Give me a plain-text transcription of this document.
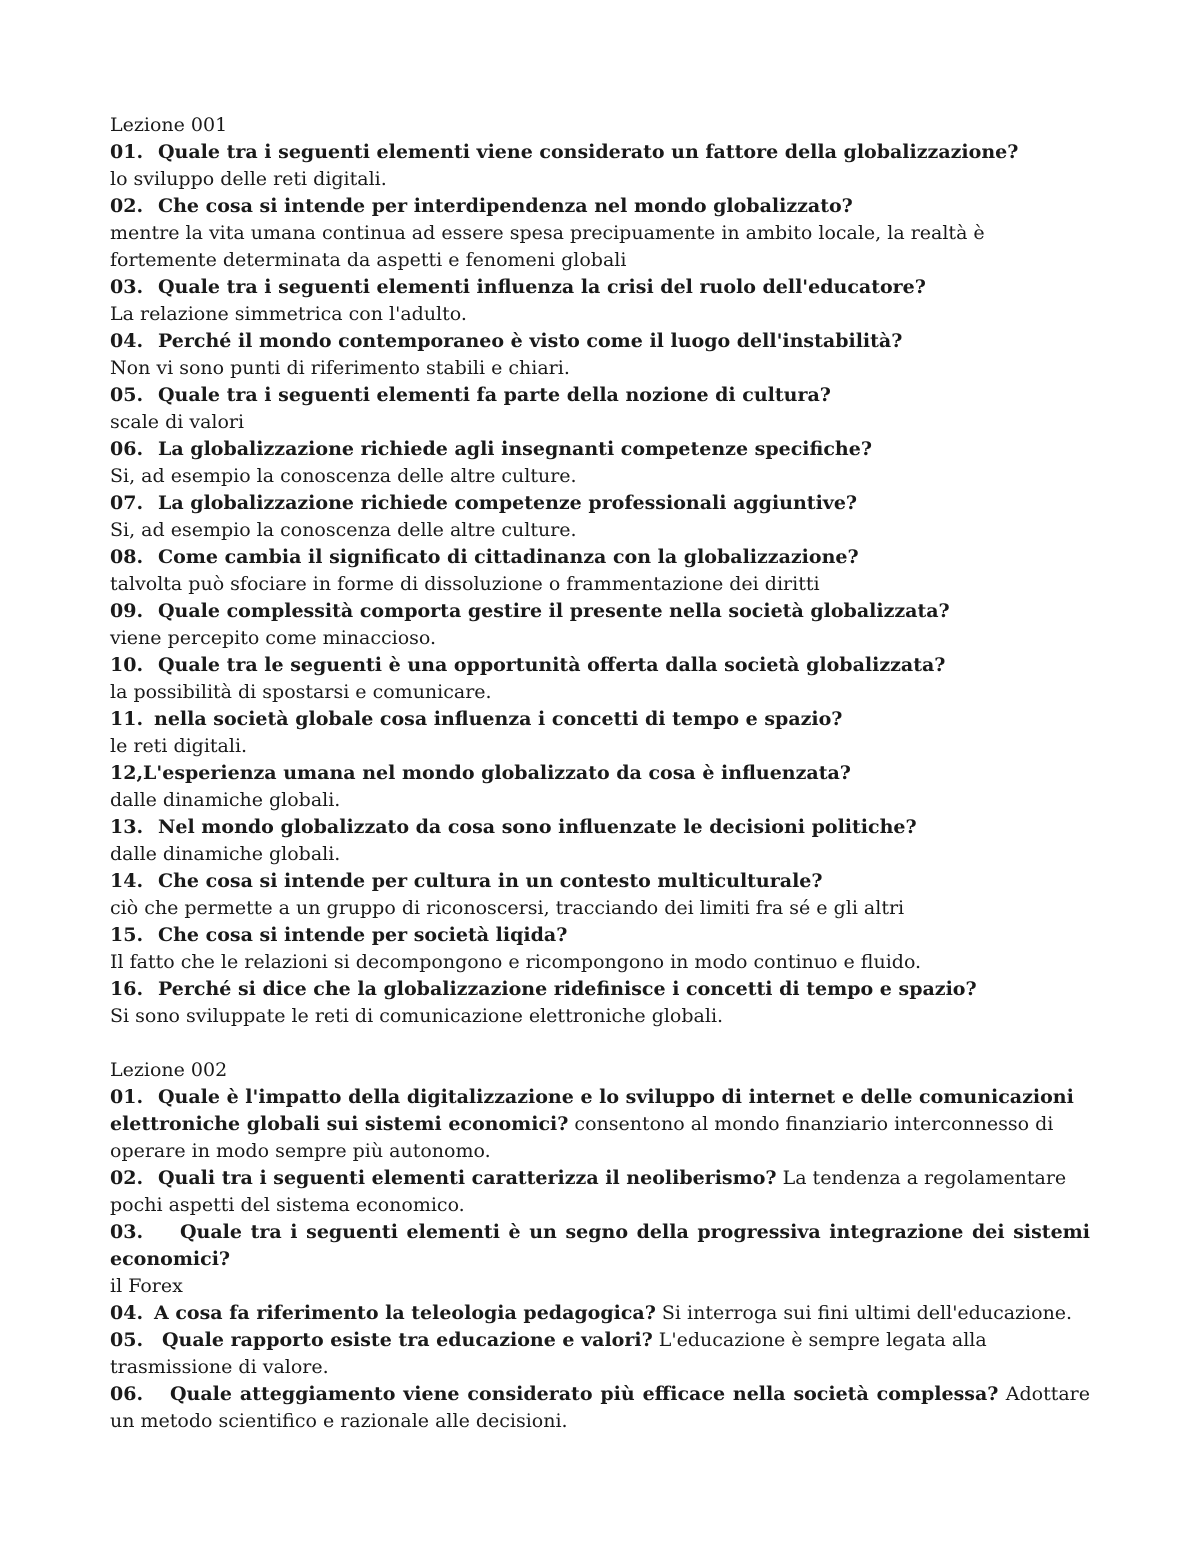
Lezione 001

01. Quale tra i seguenti elementi viene considerato un fattore della globalizzazione?

lo sviluppo delle reti digitali.

02. Che cosa si intende per interdipendenza nel mondo globalizzato?

mentre la vita umana continua ad essere spesa precipuamente in ambito locale, la realtà è fortemente determinata da aspetti e fenomeni globali

03. Quale tra i seguenti elementi influenza la crisi del ruolo dell'educatore?

La relazione simmetrica con l'adulto.

04. Perché il mondo contemporaneo è visto come il luogo dell'instabilità?

Non vi sono punti di riferimento stabili e chiari.

05. Quale tra i seguenti elementi fa parte della nozione di cultura?

scale di valori

06. La globalizzazione richiede agli insegnanti competenze specifiche?

Si, ad esempio la conoscenza delle altre culture.

07. La globalizzazione richiede competenze professionali aggiuntive?

Si, ad esempio la conoscenza delle altre culture.

08. Come cambia il significato di cittadinanza con la globalizzazione?

talvolta può sfociare in forme di dissoluzione o frammentazione dei diritti

09. Quale complessità comporta gestire il presente nella società globalizzata?

viene percepito come minaccioso.

10. Quale tra le seguenti è una opportunità offerta dalla società globalizzata?

la possibilità di spostarsi e comunicare.

11. nella società globale cosa influenza i concetti di tempo e spazio?

le reti digitali.

12,L'esperienza umana nel mondo globalizzato da cosa è influenzata?

dalle dinamiche globali.

13. Nel mondo globalizzato da cosa sono influenzate le decisioni politiche?

dalle dinamiche globali.

14. Che cosa si intende per cultura in un contesto multiculturale?

ciò che permette a un gruppo di riconoscersi, tracciando dei limiti fra sé e gli altri

15. Che cosa si intende per società liqida?

Il fatto che le relazioni si decompongono e ricompongono in modo continuo e fluido.

16. Perché si dice che la globalizzazione ridefinisce i concetti di tempo e spazio?

Si sono sviluppate le reti di comunicazione elettroniche globali.

Lezione 002

01. Quale è l'impatto della digitalizzazione e lo sviluppo di internet e delle comunicazioni elettroniche globali sui sistemi economici? consentono al mondo finanziario interconnesso di operare in modo sempre più autonomo.

02. Quali tra i seguenti elementi caratterizza il neoliberismo? La tendenza a regolamentare pochi aspetti del sistema economico.

03. Quale tra i seguenti elementi è un segno della progressiva integrazione dei sistemi economici?

il Forex

04. A cosa fa riferimento la teleologia pedagogica? Si interroga sui fini ultimi dell'educazione.

05. Quale rapporto esiste tra educazione e valori? L'educazione è sempre legata alla trasmissione di valore.

06. Quale atteggiamento viene considerato più efficace nella società complessa? Adottare un metodo scientifico e razionale alle decisioni.
